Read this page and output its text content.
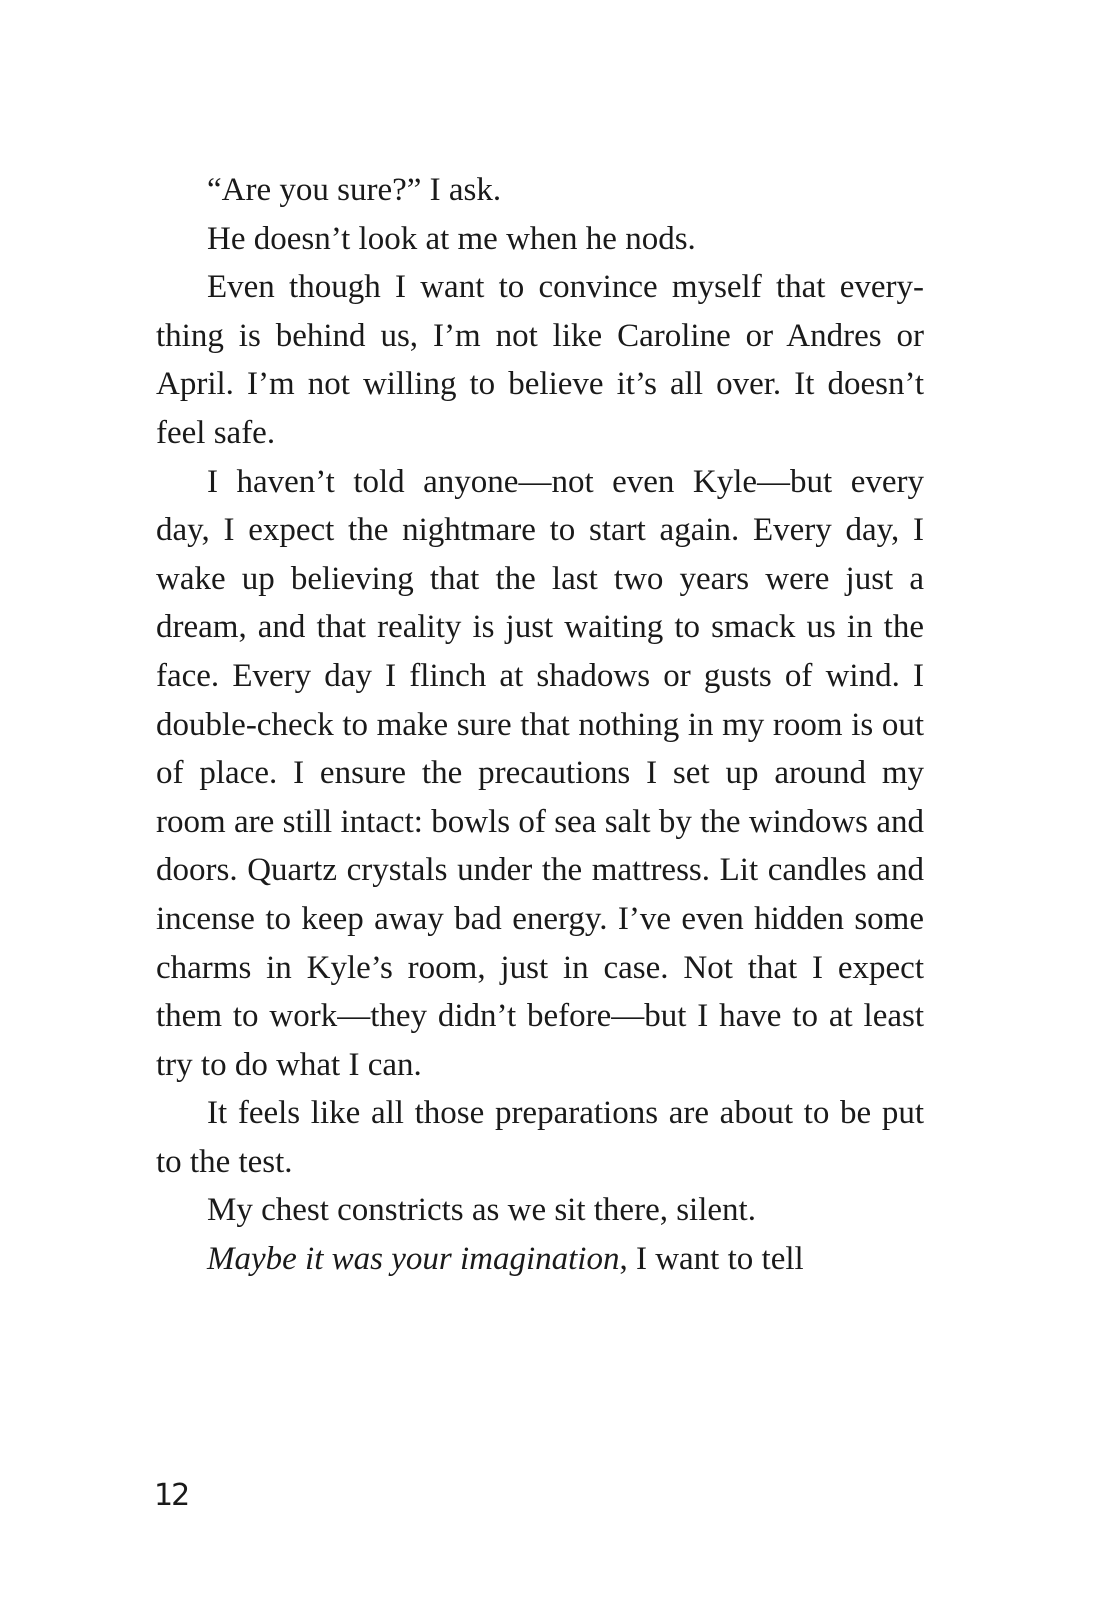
“Are you sure?” I ask.

He doesn’t look at me when he nods.

Even though I want to convince myself that everything is behind us, I’m not like Caroline or Andres or April. I’m not willing to believe it’s all over. It doesn’t feel safe.

I haven’t told anyone—not even Kyle—but every day, I expect the nightmare to start again. Every day, I wake up believing that the last two years were just a dream, and that reality is just waiting to smack us in the face. Every day I flinch at shadows or gusts of wind. I double-check to make sure that nothing in my room is out of place. I ensure the precautions I set up around my room are still intact: bowls of sea salt by the windows and doors. Quartz crystals under the mattress. Lit candles and incense to keep away bad energy. I’ve even hidden some charms in Kyle’s room, just in case. Not that I expect them to work—they didn’t before—but I have to at least try to do what I can.

It feels like all those preparations are about to be put to the test.

My chest constricts as we sit there, silent.

Maybe it was your imagination, I want to tell

12
